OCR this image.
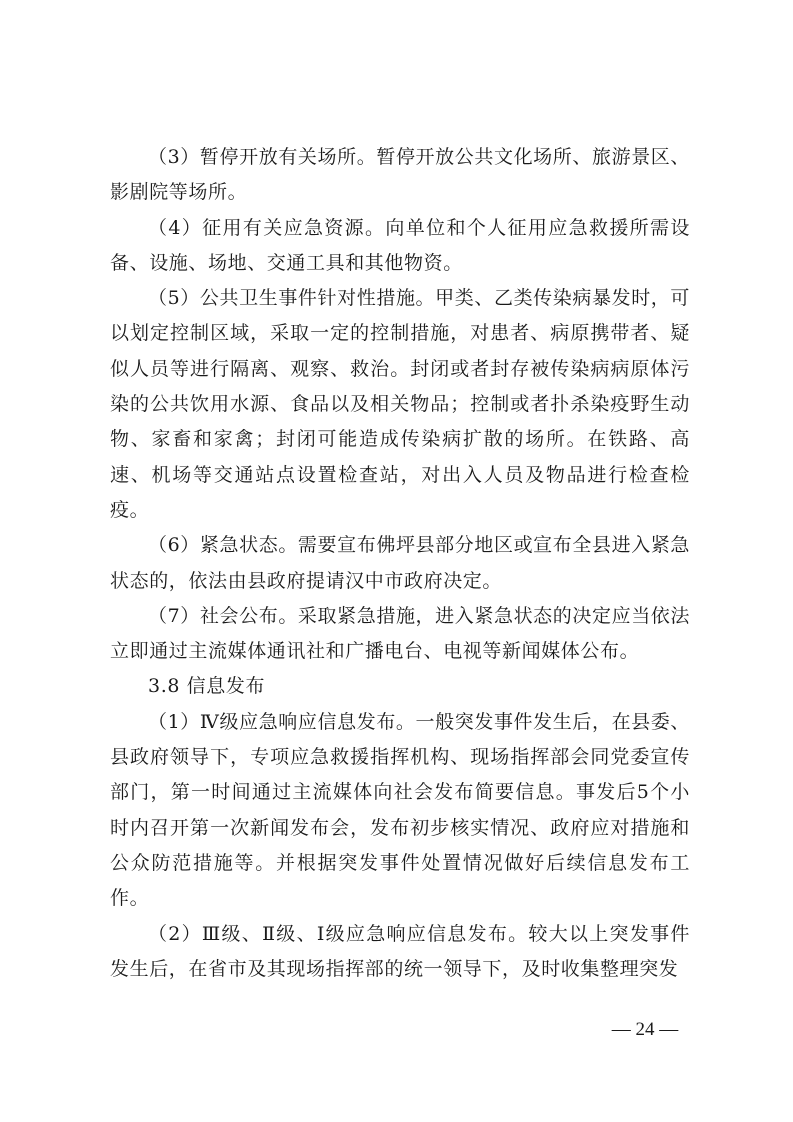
（3）暂停开放有关场所。暂停开放公共文化场所、旅游景区、影剧院等场所。

（4）征用有关应急资源。向单位和个人征用应急救援所需设备、设施、场地、交通工具和其他物资。

（5）公共卫生事件针对性措施。甲类、乙类传染病暴发时，可以划定控制区域，采取一定的控制措施，对患者、病原携带者、疑似人员等进行隔离、观察、救治。封闭或者封存被传染病病原体污染的公共饮用水源、食品以及相关物品；控制或者扑杀染疫野生动物、家畜和家禽；封闭可能造成传染病扩散的场所。在铁路、高速、机场等交通站点设置检查站，对出入人员及物品进行检查检疫。

（6）紧急状态。需要宣布佛坪县部分地区或宣布全县进入紧急状态的，依法由县政府提请汉中市政府决定。

（7）社会公布。采取紧急措施，进入紧急状态的决定应当依法立即通过主流媒体通讯社和广播电台、电视等新闻媒体公布。

3.8 信息发布

（1）Ⅳ级应急响应信息发布。一般突发事件发生后，在县委、县政府领导下，专项应急救援指挥机构、现场指挥部会同党委宣传部门，第一时间通过主流媒体向社会发布简要信息。事发后5个小时内召开第一次新闻发布会，发布初步核实情况、政府应对措施和公众防范措施等。并根据突发事件处置情况做好后续信息发布工作。

（2）Ⅲ级、Ⅱ级、Ⅰ级应急响应信息发布。较大以上突发事件发生后，在省市及其现场指挥部的统一领导下，及时收集整理突发

— 24 —
